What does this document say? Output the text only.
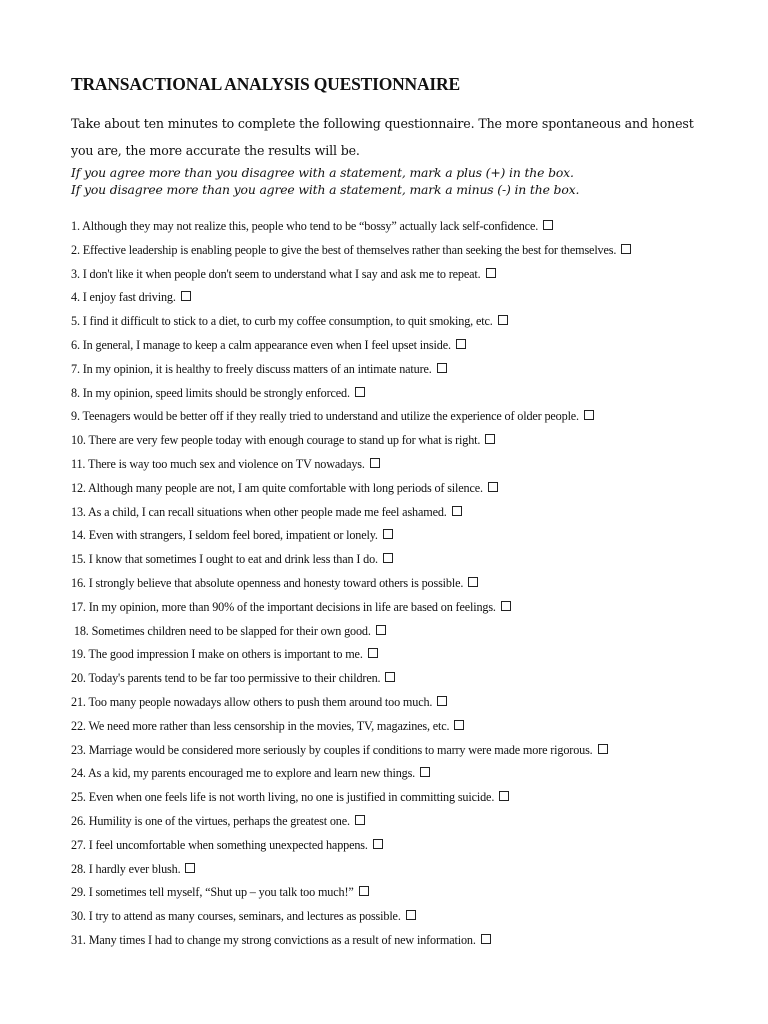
TRANSACTIONAL ANALYSIS QUESTIONNAIRE
Take about ten minutes to complete the following questionnaire. The more spontaneous and honest you are, the more accurate the results will be.
If you agree more than you disagree with a statement, mark a plus (+) in the box.
If you disagree more than you agree with a statement, mark a minus (-) in the box.
1. Although they may not realize this, people who tend to be “bossy” actually lack self-confidence.
2. Effective leadership is enabling people to give the best of themselves rather than seeking the best for themselves.
3. I don't like it when people don't seem to understand what I say and ask me to repeat.
4. I enjoy fast driving.
5. I find it difficult to stick to a diet, to curb my coffee consumption, to quit smoking, etc.
6. In general, I manage to keep a calm appearance even when I feel upset inside.
7. In my opinion, it is healthy to freely discuss matters of an intimate nature.
8. In my opinion, speed limits should be strongly enforced.
9. Teenagers would be better off if they really tried to understand and utilize the experience of older people.
10. There are very few people today with enough courage to stand up for what is right.
11. There is way too much sex and violence on TV nowadays.
12. Although many people are not, I am quite comfortable with long periods of silence.
13. As a child, I can recall situations when other people made me feel ashamed.
14. Even with strangers, I seldom feel bored, impatient or lonely.
15. I know that sometimes I ought to eat and drink less than I do.
16. I strongly believe that absolute openness and honesty toward others is possible.
17. In my opinion, more than 90% of the important decisions in life are based on feelings.
18. Sometimes children need to be slapped for their own good.
19. The good impression I make on others is important to me.
20. Today's parents tend to be far too permissive to their children.
21. Too many people nowadays allow others to push them around too much.
22. We need more rather than less censorship in the movies, TV, magazines, etc.
23. Marriage would be considered more seriously by couples if conditions to marry were made more rigorous.
24. As a kid, my parents encouraged me to explore and learn new things.
25. Even when one feels life is not worth living, no one is justified in committing suicide.
26. Humility is one of the virtues, perhaps the greatest one.
27. I feel uncomfortable when something unexpected happens.
28. I hardly ever blush.
29. I sometimes tell myself, “Shut up – you talk too much!”
30. I try to attend as many courses, seminars, and lectures as possible.
31. Many times I had to change my strong convictions as a result of new information.
